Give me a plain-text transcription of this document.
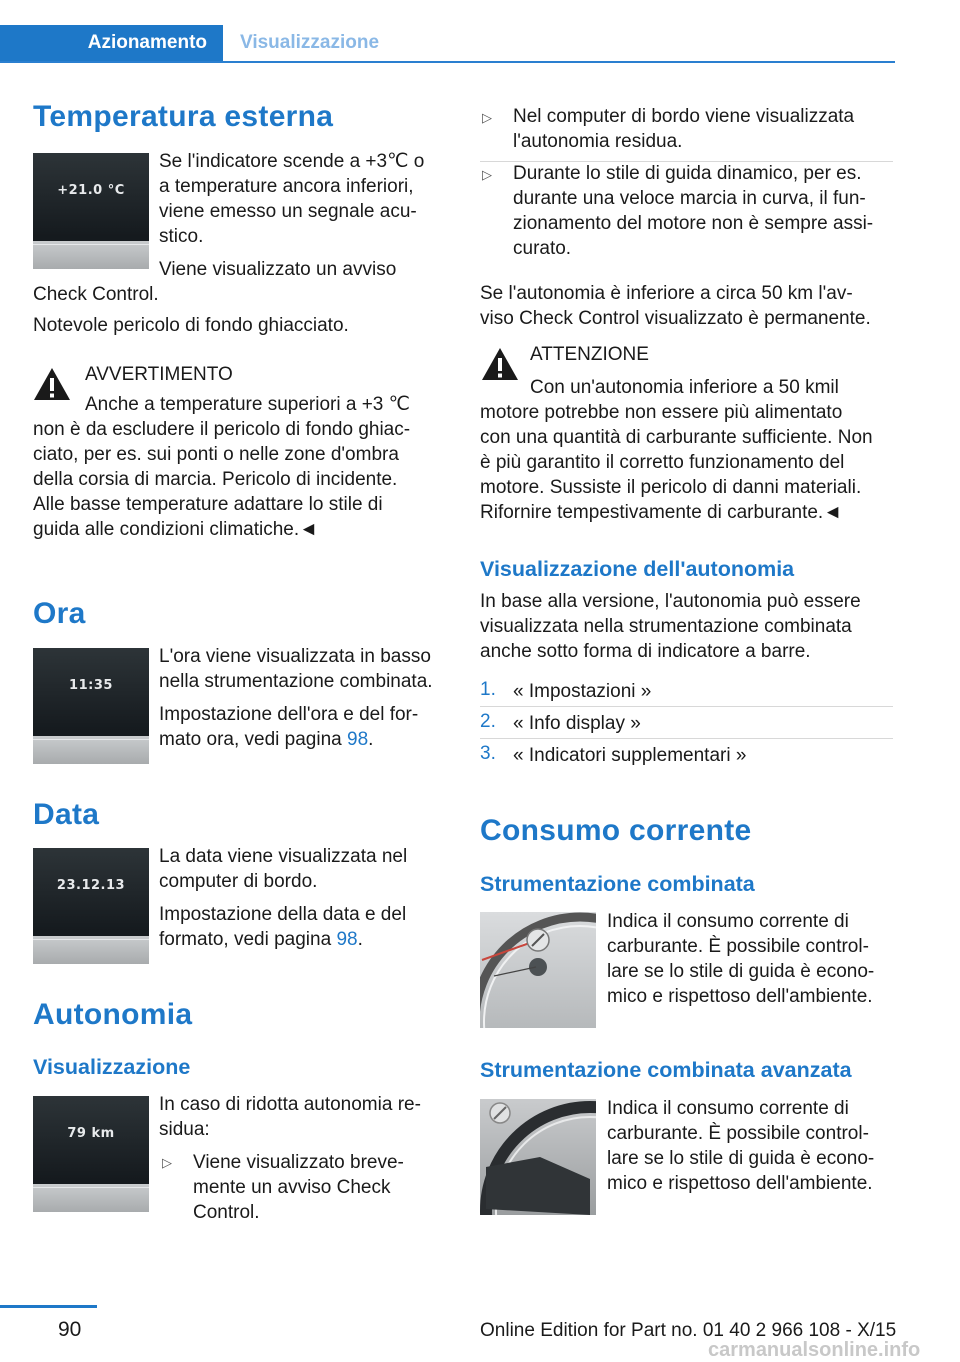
Azionamento	Visualizzazione
Temperatura esterna
+21.0 °C
Se l'indicatore scende a +3℃ o
a temperature ancora inferiori,
viene emesso un segnale acu-
stico.
Viene visualizzato un avviso
Check Control.
Notevole pericolo di fondo ghiacciato.
AVVERTIMENTO
Anche a temperature superiori a +3 ℃
non è da escludere il pericolo di fondo ghiac-
ciato, per es. sui ponti o nelle zone d'ombra
della corsia di marcia. Pericolo di incidente.
Alle basse temperature adattare lo stile di
guida alle condizioni climatiche.◄
Ora
11:35
L'ora viene visualizzata in basso
nella strumentazione combinata.
Impostazione dell'ora e del for-
mato ora, vedi pagina 98.
Data
23.12.13
La data viene visualizzata nel
computer di bordo.
Impostazione della data e del
formato, vedi pagina 98.
Autonomia
Visualizzazione
79 km
In caso di ridotta autonomia re-
sidua:
▷ Viene visualizzato breve-
mente un avviso Check
Control.
▷ Nel computer di bordo viene visualizzata
l'autonomia residua.
▷ Durante lo stile di guida dinamico, per es.
durante una veloce marcia in curva, il fun-
zionamento del motore non è sempre assi-
curato.
Se l'autonomia è inferiore a circa 50 km l'av-
viso Check Control visualizzato è permanente.
ATTENZIONE
Con un'autonomia inferiore a 50 kmil
motore potrebbe non essere più alimentato
con una quantità di carburante sufficiente. Non
è più garantito il corretto funzionamento del
motore. Sussiste il pericolo di danni materiali.
Rifornire tempestivamente di carburante.◄
Visualizzazione dell'autonomia
In base alla versione, l'autonomia può essere
visualizzata nella strumentazione combinata
anche sotto forma di indicatore a barre.
1. « Impostazioni »
2. « Info display »
3. « Indicatori supplementari »
Consumo corrente
Strumentazione combinata
Indica il consumo corrente di
carburante. È possibile control-
lare se lo stile di guida è econo-
mico e rispettoso dell'ambiente.
Strumentazione combinata avanzata
Indica il consumo corrente di
carburante. È possibile control-
lare se lo stile di guida è econo-
mico e rispettoso dell'ambiente.
90	Online Edition for Part no. 01 40 2 966 108 - X/15
carmanualsonline.info
